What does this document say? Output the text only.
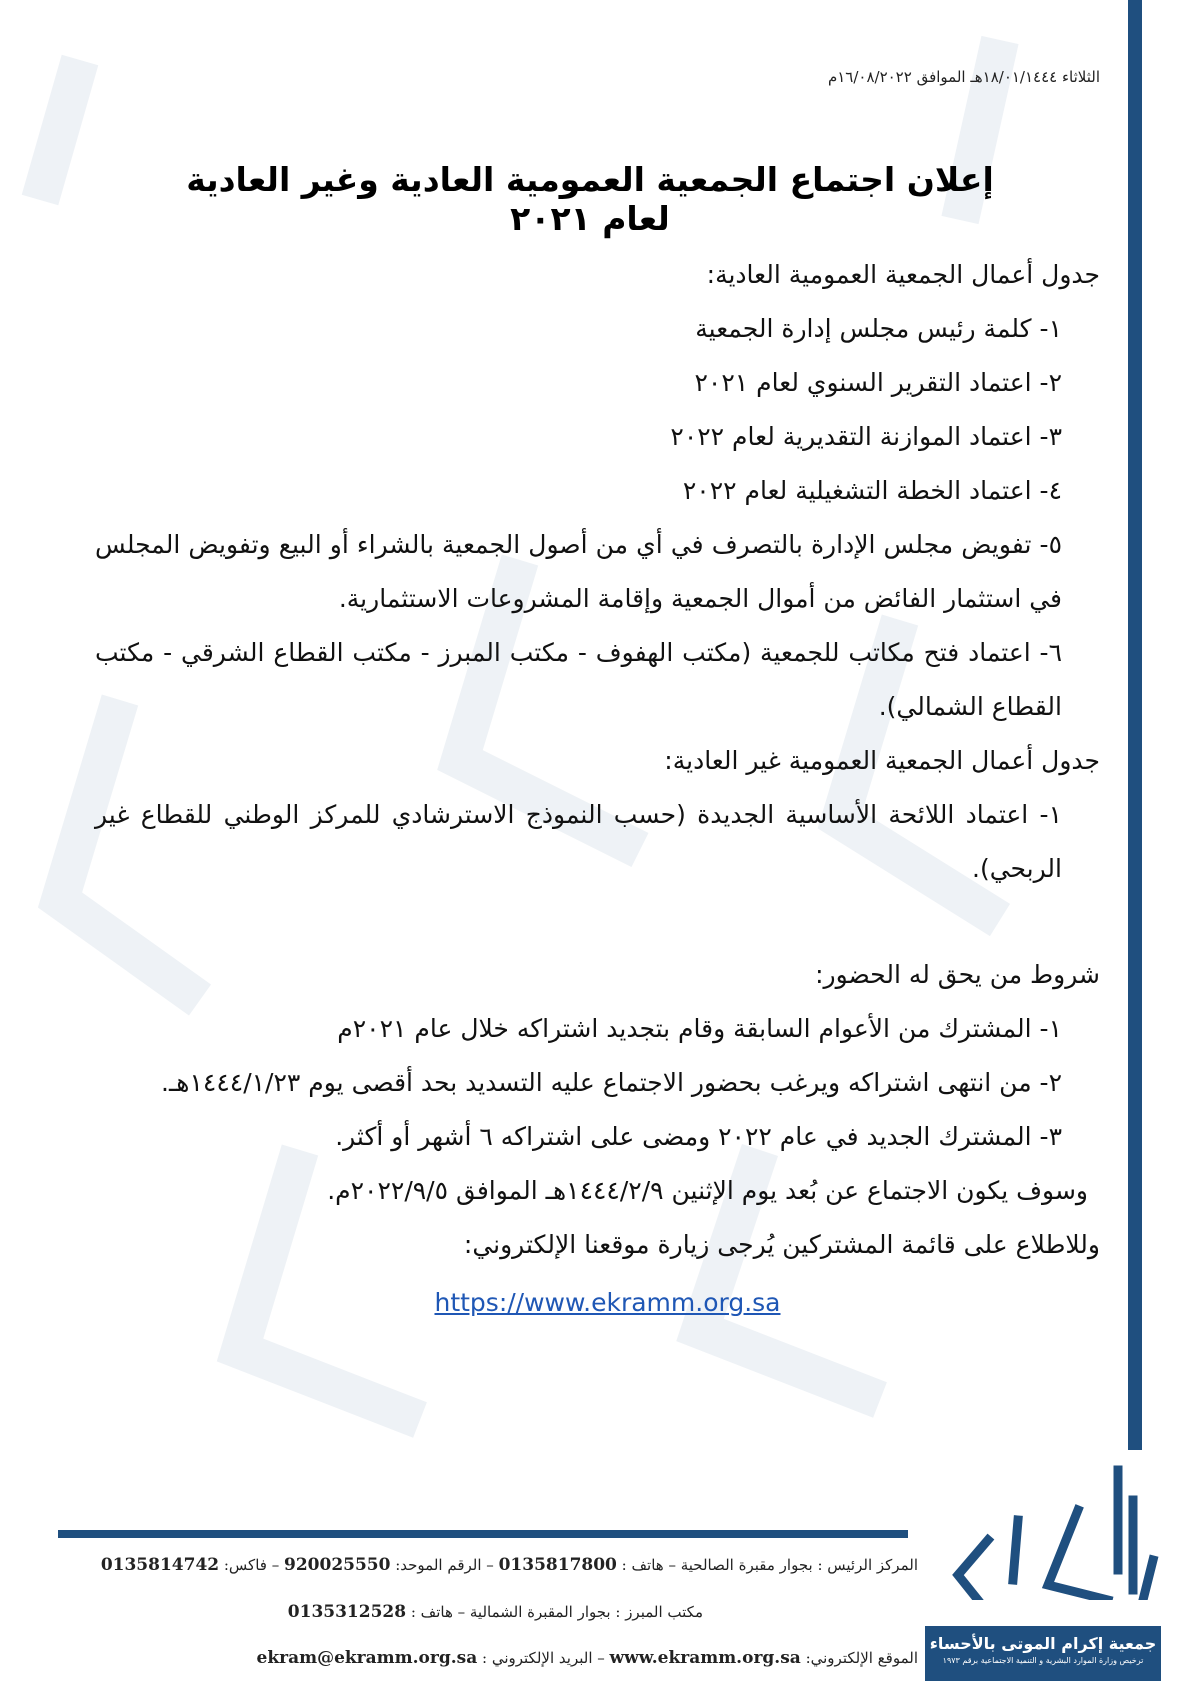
الثلاثاء ١٨/٠١/١٤٤٤هـ الموافق ١٦/٠٨/٢٠٢٢م
إعلان اجتماع الجمعية العمومية العادية وغير العادية لعام ٢٠٢١

جدول أعمال الجمعية العمومية العادية:

١- كلمة رئيس مجلس إدارة الجمعية

٢- اعتماد التقرير السنوي لعام ٢٠٢١

٣- اعتماد الموازنة التقديرية لعام ٢٠٢٢

٤- اعتماد الخطة التشغيلية لعام ٢٠٢٢

٥- تفويض مجلس الإدارة بالتصرف في أي من أصول الجمعية بالشراء أو البيع وتفويض المجلس في استثمار الفائض من أموال الجمعية وإقامة المشروعات الاستثمارية.

٦- اعتماد فتح مكاتب للجمعية (مكتب الهفوف - مكتب المبرز - مكتب القطاع الشرقي - مكتب القطاع الشمالي).

جدول أعمال الجمعية العمومية غير العادية:

١- اعتماد اللائحة الأساسية الجديدة (حسب النموذج الاسترشادي للمركز الوطني للقطاع غير الربحي).

شروط من يحق له الحضور:

١- المشترك من الأعوام السابقة وقام بتجديد اشتراكه خلال عام ٢٠٢١م

٢- من انتهى اشتراكه ويرغب بحضور الاجتماع عليه التسديد بحد أقصى يوم ١٤٤٤/١/٢٣هـ.

٣- المشترك الجديد في عام ٢٠٢٢ ومضى على اشتراكه ٦ أشهر أو أكثر.

وسوف يكون الاجتماع عن بُعد يوم الإثنين ١٤٤٤/٢/٩هـ الموافق ٢٠٢٢/٩/٥م.

وللاطلاع على قائمة المشتركين يُرجى زيارة موقعنا الإلكتروني:

https://www.ekramm.org.sa
المركز الرئيس : بجوار مقبرة الصالحية – هاتف : 0135817800 – الرقم الموحد: 920025550 – فاكس: 0135814742
مكتب المبرز : بجوار المقبرة الشمالية – هاتف : 0135312528
الموقع الإلكتروني: www.ekramm.org.sa – البريد الإلكتروني : ekram@ekramm.org.sa
جمعية إكرام الموتى بالأحساء
ترخيص وزارة الموارد البشرية و التنمية الاجتماعية برقم ١٩٧٣
